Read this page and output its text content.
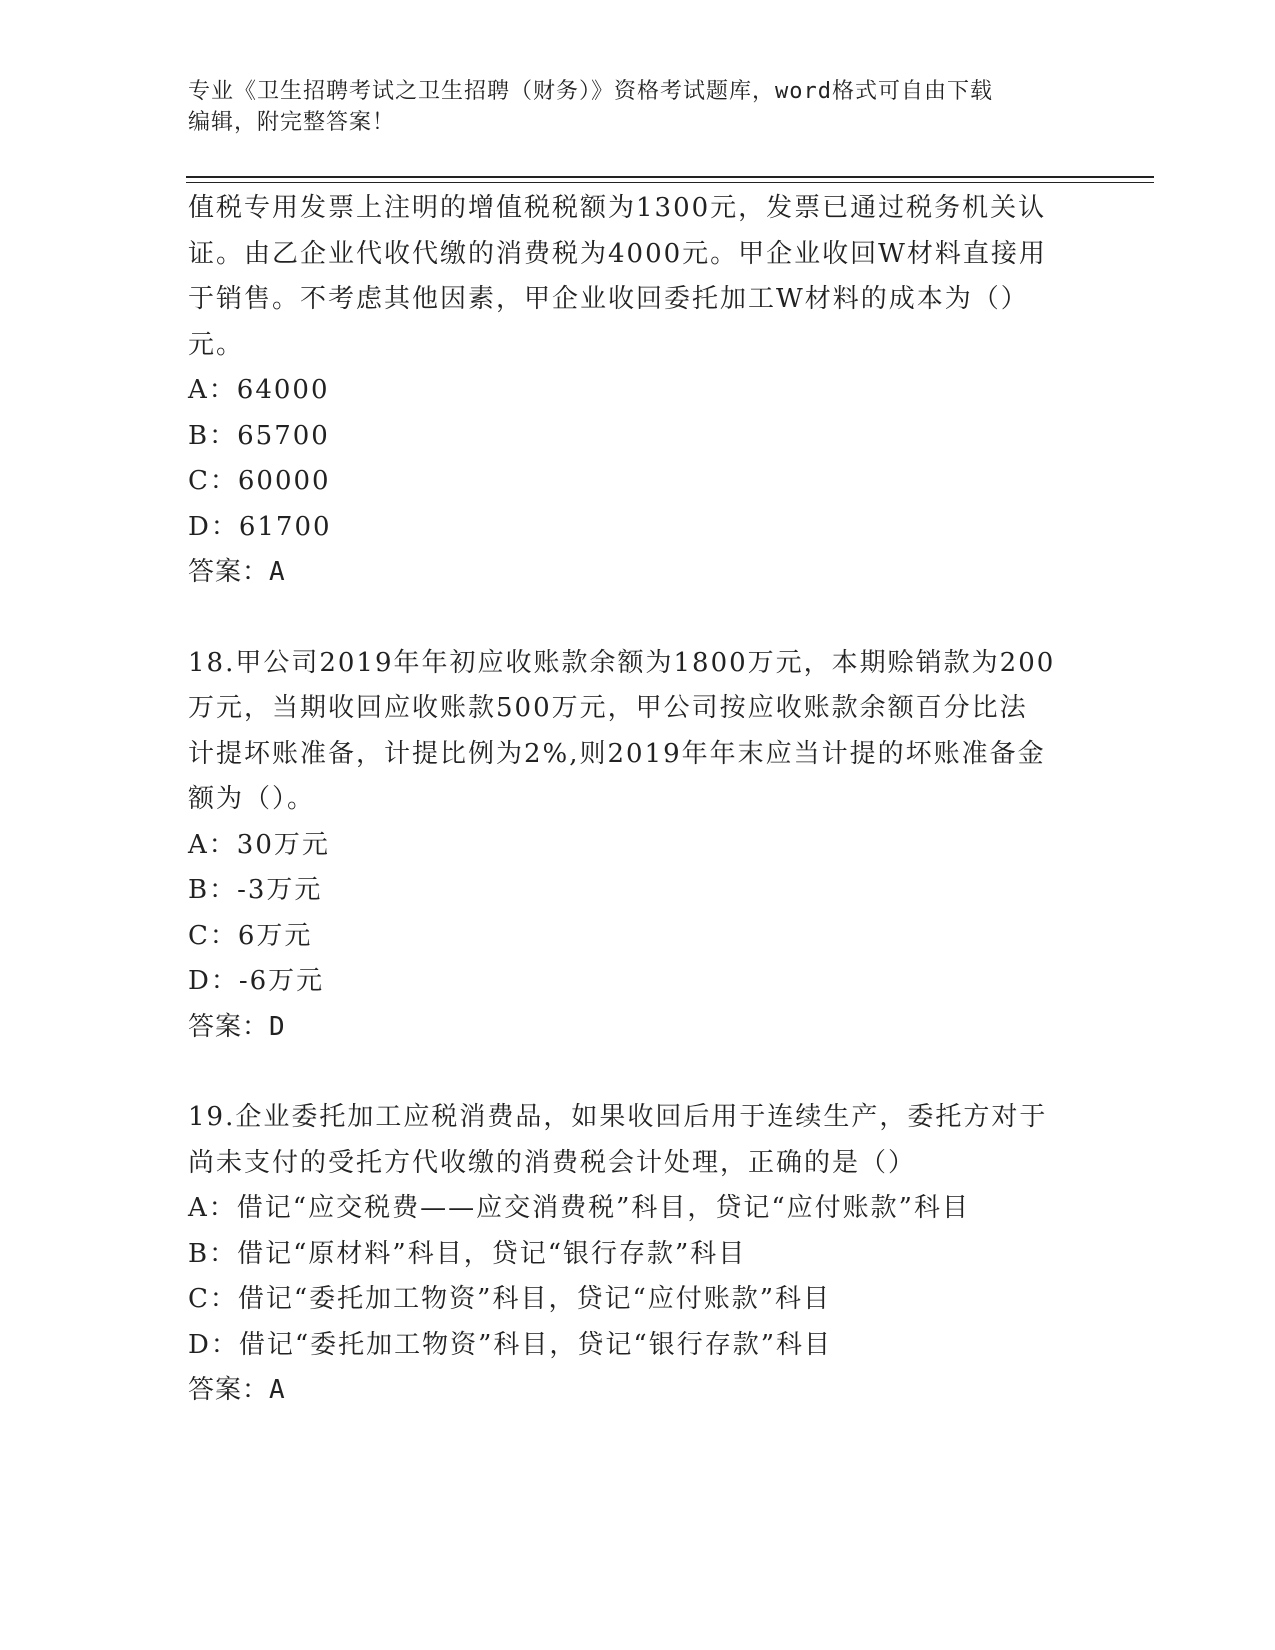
专业《卫生招聘考试之卫生招聘（财务）》资格考试题库，word格式可自由下载
编辑，附完整答案！

值税专用发票上注明的增值税税额为1300元，发票已通过税务机关认

证。由乙企业代收代缴的消费税为4000元。甲企业收回W材料直接用

于销售。不考虑其他因素，甲企业收回委托加工W材料的成本为（）

元。

A：64000

B：65700

C：60000

D：61700

答案：A

18.甲公司2019年年初应收账款余额为1800万元，本期赊销款为200

万元，当期收回应收账款500万元，甲公司按应收账款余额百分比法

计提坏账准备，计提比例为2%,则2019年年末应当计提的坏账准备金

额为（）。

A：30万元

B：-3万元

C：6万元

D：-6万元

答案：D

19.企业委托加工应税消费品，如果收回后用于连续生产，委托方对于

尚未支付的受托方代收缴的消费税会计处理，正确的是（）

A：借记“应交税费——应交消费税”科目，贷记“应付账款”科目

B：借记“原材料”科目，贷记“银行存款”科目

C：借记“委托加工物资”科目，贷记“应付账款”科目

D：借记“委托加工物资”科目，贷记“银行存款”科目

答案：A
